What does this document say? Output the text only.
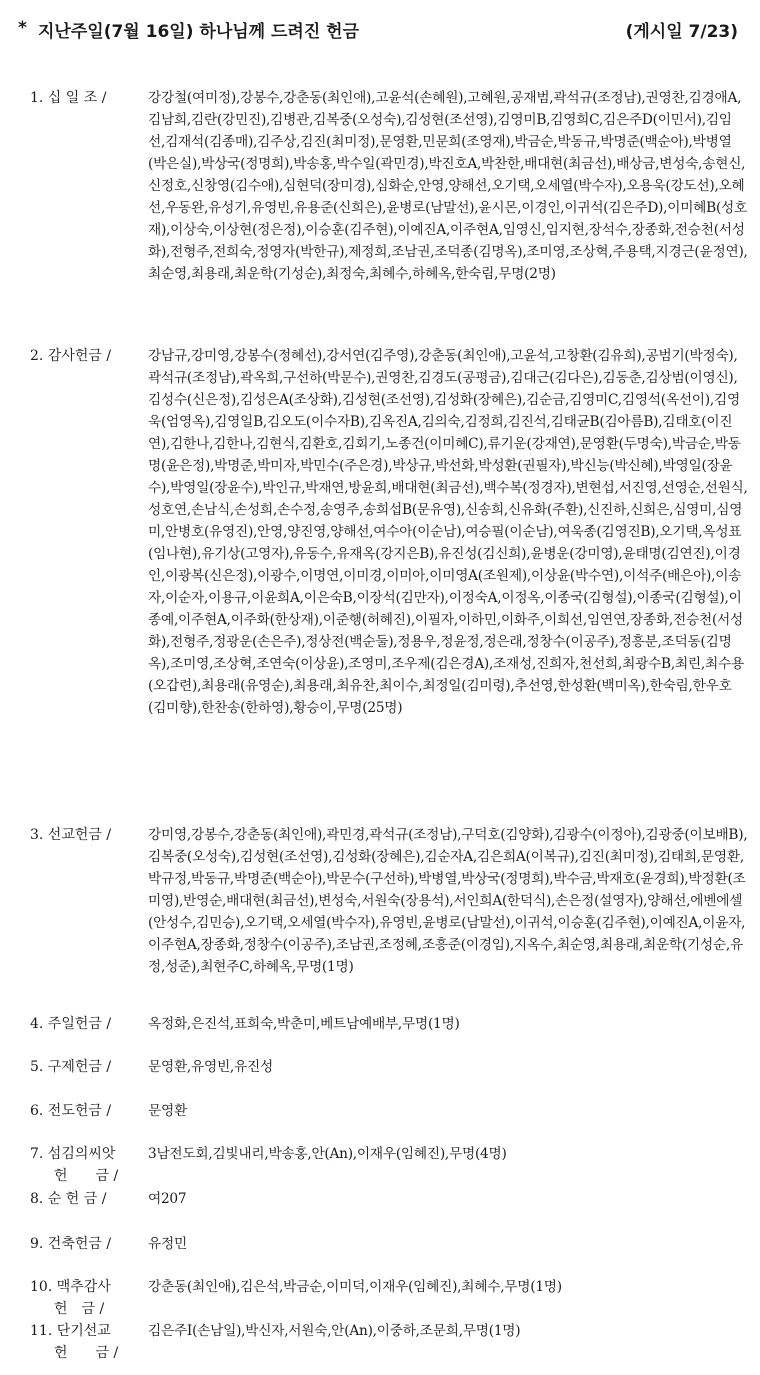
* 지난주일(7월 16일) 하나님께 드려진 헌금	(게시일 7/23)
1. 십 일 조 /	강강철(여미정),강봉수,강춘동(최인애),고윤석(손혜원),고혜원,공재범,곽석규(조정남),권영찬,김경애A,김남희,김란(강민진),김병관,김복중(오성숙),김성현(조선영),김영미B,김영희C,김은주D(이민서),김임선,김재석(김종매),김주상,김진(최미정),문영환,민문희(조영재),박금순,박동규,박명준(백순아),박병열(박은실),박상국(정명희),박송홍,박수일(곽민경),박진호A,박찬한,배대현(최금선),배상금,변성숙,송현신,신정호,신창영(김수애),심현덕(장미경),심화순,안영,양해선,오기택,오세열(박수자),오용욱(강도선),오혜선,우동완,유성기,유영빈,유용준(신희은),윤병로(남말선),윤시몬,이경인,이귀석(김은주D),이미혜B(성호재),이상숙,이상현(정은정),이승훈(김주현),이예진A,이주현A,임영신,임지현,장석수,장종화,전승천(서성화),전형주,전희숙,정영자(박한규),제정희,조남권,조덕종(김명옥),조미영,조상혁,주용택,지경근(윤정연),최순영,최용래,최운학(기성순),최정숙,최혜수,하혜옥,한숙림,무명(2명)
2. 감사헌금 /	강남규,강미영,강봉수(정혜선),강서연(김주영),강춘동(최인애),고윤석,고창환(김유희),공범기(박정숙),곽석규(조정남),곽옥희,구선하(박문수),권영찬,김경도(공평금),김대근(김다은),김동춘,김상범(이영신),김성수(신은정),김성은A(조상화),김성현(조선영),김성화(장혜은),김순금,김영미C,김영석(옥선이),김영욱(엄영옥),김영일B,김오도(이수자B),김옥진A,김의숙,김정희,김진석,김태균B(김아름B),김태호(이진연),김한나,김한나,김현식,김환호,김회기,노종건(이미혜C),류기운(강재연),문영환(두명숙),박금순,박동명(윤은정),박명준,박미자,박민수(주은경),박상규,박선화,박성환(권필자),박신능(박신혜),박영일(장윤수),박영일(장윤수),박인규,박재연,방윤희,배대현(최금선),백수복(정경자),변현섭,서진영,선영순,선원식,성호연,손남식,손성희,손수정,송영주,송희섭B(문유영),신송희,신유화(주환),신진하,신희은,심영미,심영미,안병호(유영진),안영,양진영,양해선,여수아(이순남),여승필(이순남),여욱종(김영진B),오기택,옥성표(임나현),유기상(고영자),유동수,유재옥(강지은B),유진성(김신희),윤병운(강미영),윤태명(김연진),이경인,이광복(신은정),이광수,이명연,이미경,이미아,이미영A(조원제),이상윤(박수연),이석주(배은아),이송자,이순자,이용규,이윤희A,이은숙B,이장석(김만자),이정숙A,이정옥,이종국(김형설),이종국(김형설),이종예,이주현A,이주화(한상재),이준행(허혜진),이필자,이하민,이화주,이희선,임연연,장종화,전승천(서성화),전형주,정광운(손은주),정상전(백순둘),정용우,정윤정,정은래,정창수(이공주),정흥분,조덕동(김명옥),조미영,조상혁,조연숙(이상윤),조영미,조우제(김은경A),조재성,진희자,천선희,최광수B,최린,최수용(오갑련),최용래(유영순),최용래,최유찬,최이수,최정일(김미령),추선영,한성환(백미옥),한숙림,한우호(김미향),한찬송(한하영),황승이,무명(25명)
3. 선교헌금 /	강미영,강봉수,강춘동(최인애),곽민경,곽석규(조정남),구덕호(김양화),김광수(이정아),김광중(이보배B),김복중(오성숙),김성현(조선영),김성화(장혜은),김순자A,김은희A(이복규),김진(최미정),김태희,문영환,박규정,박동규,박명준(백순아),박문수(구선하),박병열,박상국(정명희),박수금,박재호(윤경희),박정환(조미영),반영순,배대현(최금선),변성숙,서원숙(장용석),서인희A(한덕식),손은정(설영자),양해선,에벤에셀(안성수,김민승),오기택,오세열(박수자),유영빈,윤병로(남말선),이귀석,이승훈(김주현),이예진A,이윤자,이주현A,장종화,정창수(이공주),조남권,조정혜,조흥준(이경임),지옥수,최순영,최용래,최운학(기성순,유정,성준),최현주C,하혜옥,무명(1명)
4. 주일헌금 /	옥정화,은진석,표희숙,박춘미,베트남예배부,무명(1명)
5. 구제헌금 /	문영환,유영빈,유진성
6. 전도헌금 /	문영환
7. 섬김의씨앗
헌　　금 /
3남전도회,김빛내리,박송홍,안(An),이재우(임혜진),무명(4명)
8. 순 헌 금 /	여207
9. 건축헌금 /	유정민
10. 맥추감사
헌　금 /
강춘동(최인애),김은석,박금순,이미덕,이재우(임혜진),최혜수,무명(1명)
11. 단기선교
헌　　금 /
김은주I(손남일),박신자,서원숙,안(An),이중하,조문희,무명(1명)
